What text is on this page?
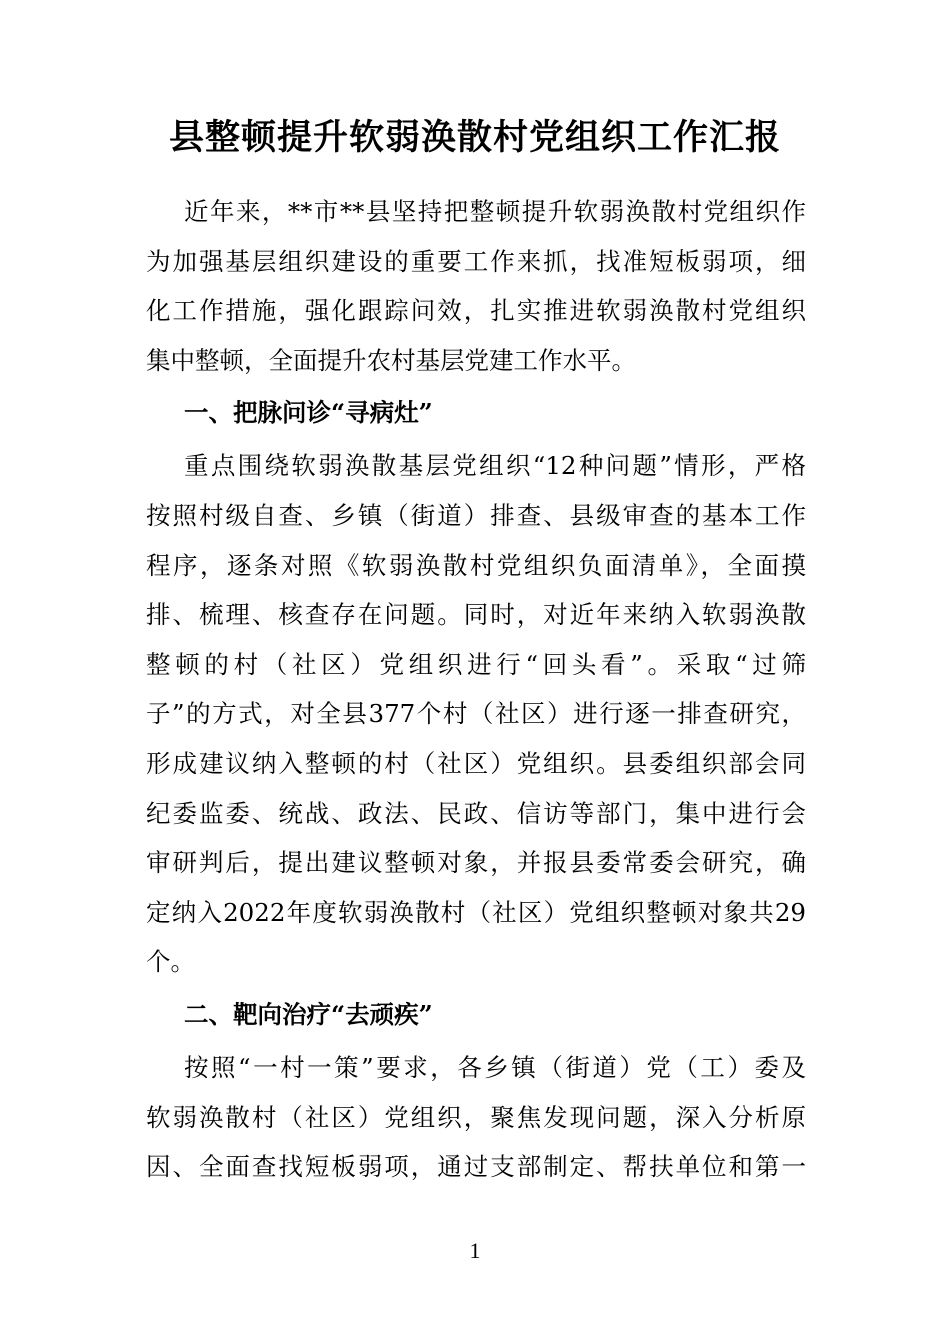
县整顿提升软弱涣散村党组织工作汇报
近年来，**市**县坚持把整顿提升软弱涣散村党组织作
为加强基层组织建设的重要工作来抓，找准短板弱项，细
化工作措施，强化跟踪问效，扎实推进软弱涣散村党组织
集中整顿，全面提升农村基层党建工作水平。
一、把脉问诊“寻病灶”
重点围绕软弱涣散基层党组织“12种问题”情形，严格
按照村级自查、乡镇（街道）排查、县级审查的基本工作
程序，逐条对照《软弱涣散村党组织负面清单》，全面摸
排、梳理、核查存在问题。同时，对近年来纳入软弱涣散
整顿的村（社区）党组织进行“回头看”。采取“过筛
子”的方式，对全县377个村（社区）进行逐一排查研究，
形成建议纳入整顿的村（社区）党组织。县委组织部会同
纪委监委、统战、政法、民政、信访等部门，集中进行会
审研判后，提出建议整顿对象，并报县委常委会研究，确
定纳入2022年度软弱涣散村（社区）党组织整顿对象共29
个。
二、靶向治疗“去顽疾”
按照“一村一策”要求，各乡镇（街道）党（工）委及
软弱涣散村（社区）党组织，聚焦发现问题，深入分析原
因、全面查找短板弱项，通过支部制定、帮扶单位和第一
1
